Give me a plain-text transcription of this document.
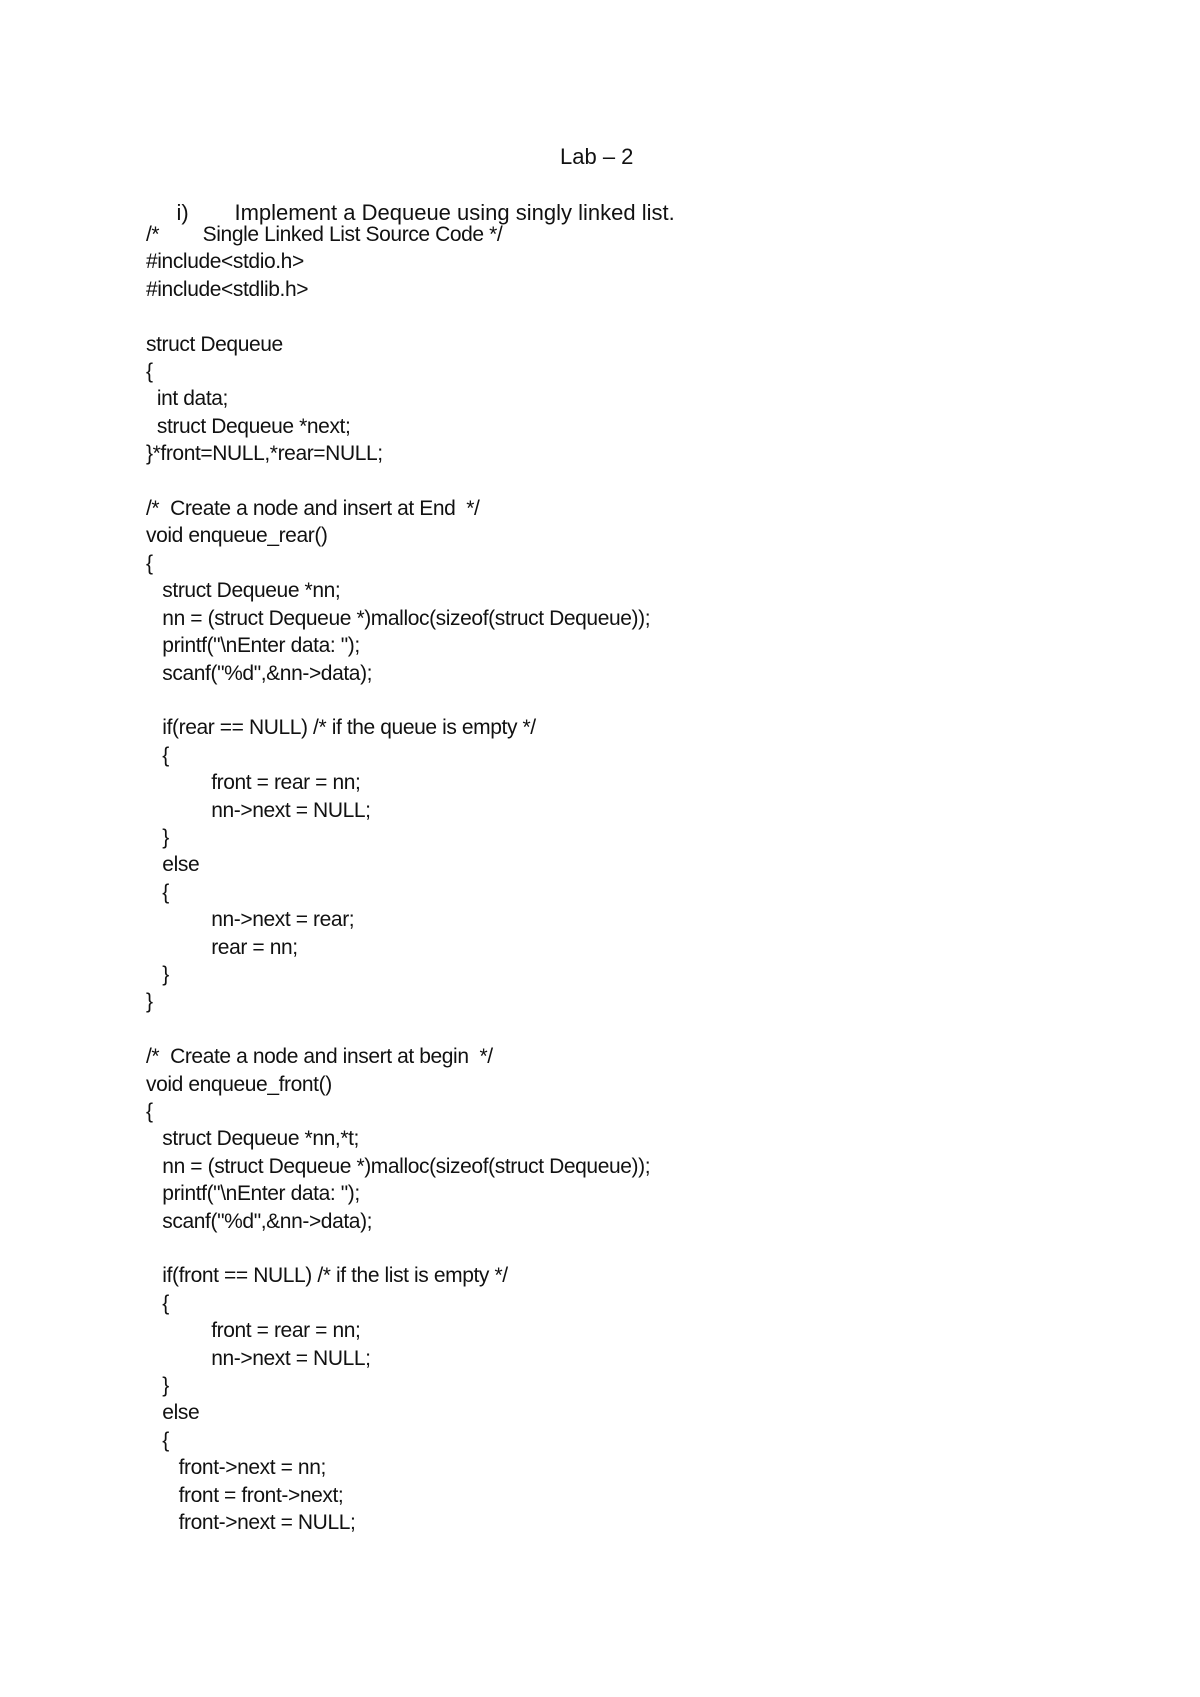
Lab – 2

i) Implement a Dequeue using singly linked list.

/*        Single Linked List Source Code */
#include<stdio.h>
#include<stdlib.h>

struct Dequeue
{
int data;
struct Dequeue *next;
}*front=NULL,*rear=NULL;

/*  Create a node and insert at End  */
void enqueue_rear()
{
struct Dequeue *nn;
nn = (struct Dequeue *)malloc(sizeof(struct Dequeue));
printf("\nEnter data: ");
scanf("%d",&nn->data);

if(rear == NULL) /* if the queue is empty */
{
front = rear = nn;
nn->next = NULL;
}
else
{
nn->next = rear;
rear = nn;
}
}

/*  Create a node and insert at begin  */
void enqueue_front()
{
struct Dequeue *nn,*t;
nn = (struct Dequeue *)malloc(sizeof(struct Dequeue));
printf("\nEnter data: ");
scanf("%d",&nn->data);

if(front == NULL) /* if the list is empty */
{
front = rear = nn;
nn->next = NULL;
}
else
{
front->next = nn;
front = front->next;
front->next = NULL;
